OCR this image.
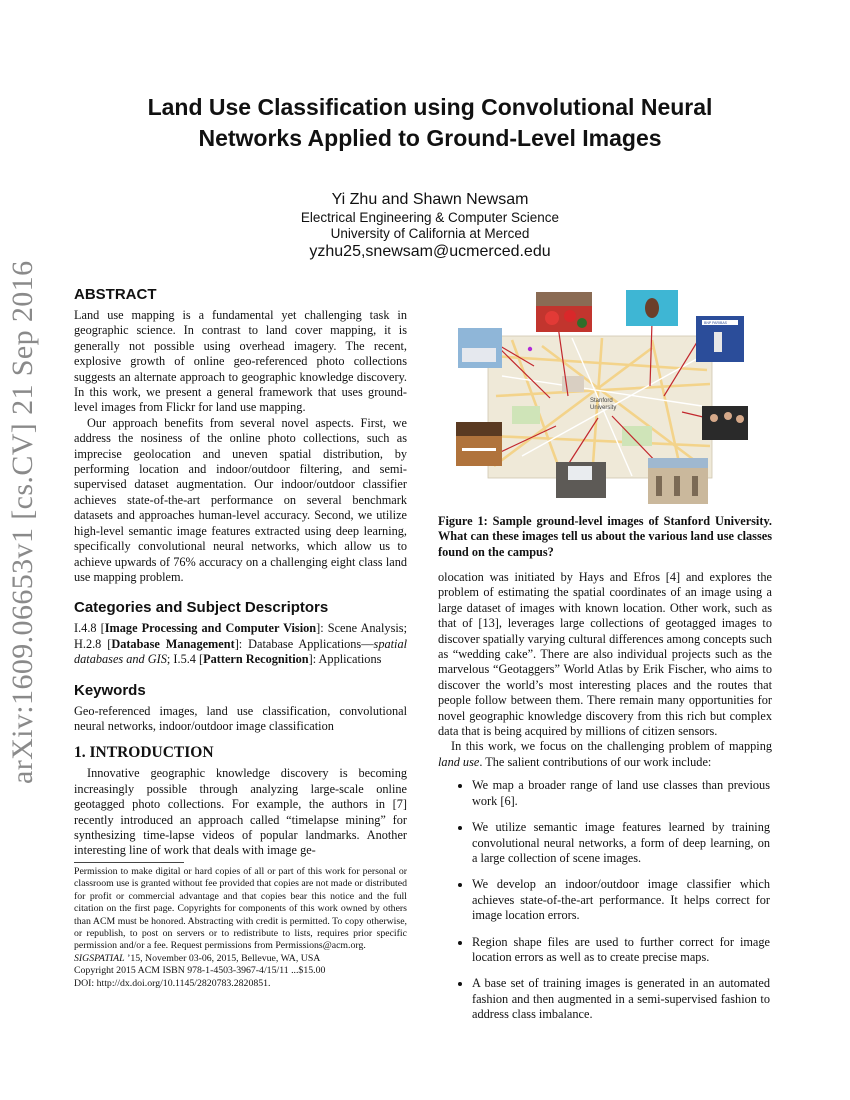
arXiv:1609.06653v1 [cs.CV] 21 Sep 2016
Land Use Classification using Convolutional Neural
Networks Applied to Ground-Level Images
Yi Zhu and Shawn Newsam
Electrical Engineering & Computer Science
University of California at Merced
yzhu25,snewsam@ucmerced.edu
ABSTRACT

Land use mapping is a fundamental yet challenging task in geographic science. In contrast to land cover mapping, it is generally not possible using overhead imagery. The recent, explosive growth of online geo-referenced photo collections suggests an alternate approach to geographic knowledge discovery. In this work, we present a general framework that uses ground-level images from Flickr for land use mapping.

Our approach benefits from several novel aspects. First, we address the nosiness of the online photo collections, such as imprecise geolocation and uneven spatial distribution, by performing location and indoor/outdoor filtering, and semi-supervised dataset augmentation. Our indoor/outdoor classifier achieves state-of-the-art performance on several benchmark datasets and approaches human-level accuracy. Second, we utilize high-level semantic image features extracted using deep learning, specifically convolutional neural networks, which allow us to achieve upwards of 76% accuracy on a challenging eight class land use mapping problem.

Categories and Subject Descriptors

I.4.8 [Image Processing and Computer Vision]: Scene Analysis; H.2.8 [Database Management]: Database Applications—spatial databases and GIS; I.5.4 [Pattern Recognition]: Applications

Keywords

Geo-referenced images, land use classification, convolutional neural networks, indoor/outdoor image classification

1. INTRODUCTION

Innovative geographic knowledge discovery is becoming increasingly possible through analyzing large-scale online geotagged photo collections. For example, the authors in [7] recently introduced an approach called “timelapse mining” for synthesizing time-lapse videos of popular landmarks. Another interesting line of work that deals with image ge-

Permission to make digital or hard copies of all or part of this work for personal or classroom use is granted without fee provided that copies are not made or distributed for profit or commercial advantage and that copies bear this notice and the full citation on the first page. Copyrights for components of this work owned by others than ACM must be honored. Abstracting with credit is permitted. To copy otherwise, or republish, to post on servers or to redistribute to lists, requires prior specific permission and/or a fee. Request permissions from Permissions@acm.org.

SIGSPATIAL ’15, November 03-06, 2015, Bellevue, WA, USA

Copyright 2015 ACM ISBN 978-1-4503-3967-4/15/11 ...$15.00

DOI: http://dx.doi.org/10.1145/2820783.2820851.

Stanford
University
BNP PARIBAS
Figure 1: Sample ground-level images of Stanford University. What can these images tell us about the various land use classes found on the campus?

olocation was initiated by Hays and Efros [4] and explores the problem of estimating the spatial coordinates of an image using a large dataset of images with known location. Other work, such as that of [13], leverages large collections of geotagged images to discover spatially varying cultural differences among concepts such as “wedding cake”. There are also individual projects such as the marvelous “Geotaggers” World Atlas by Erik Fischer, who aims to discover the world’s most interesting places and the routes that people follow between them. There remain many opportunities for novel geographic knowledge discovery from this rich but complex data that is being acquired by millions of citizen sensors.

In this work, we focus on the challenging problem of mapping land use. The salient contributions of our work include:

• We map a broader range of land use classes than previous work [6].
• We utilize semantic image features learned by training convolutional neural networks, a form of deep learning, on a large collection of scene images.
• We develop an indoor/outdoor image classifier which achieves state-of-the-art performance. It helps correct for image location errors.
• Region shape files are used to further correct for image location errors as well as to create precise maps.
• A base set of training images is generated in an automated fashion and then augmented in a semi-supervised fashion to address class imbalance.
